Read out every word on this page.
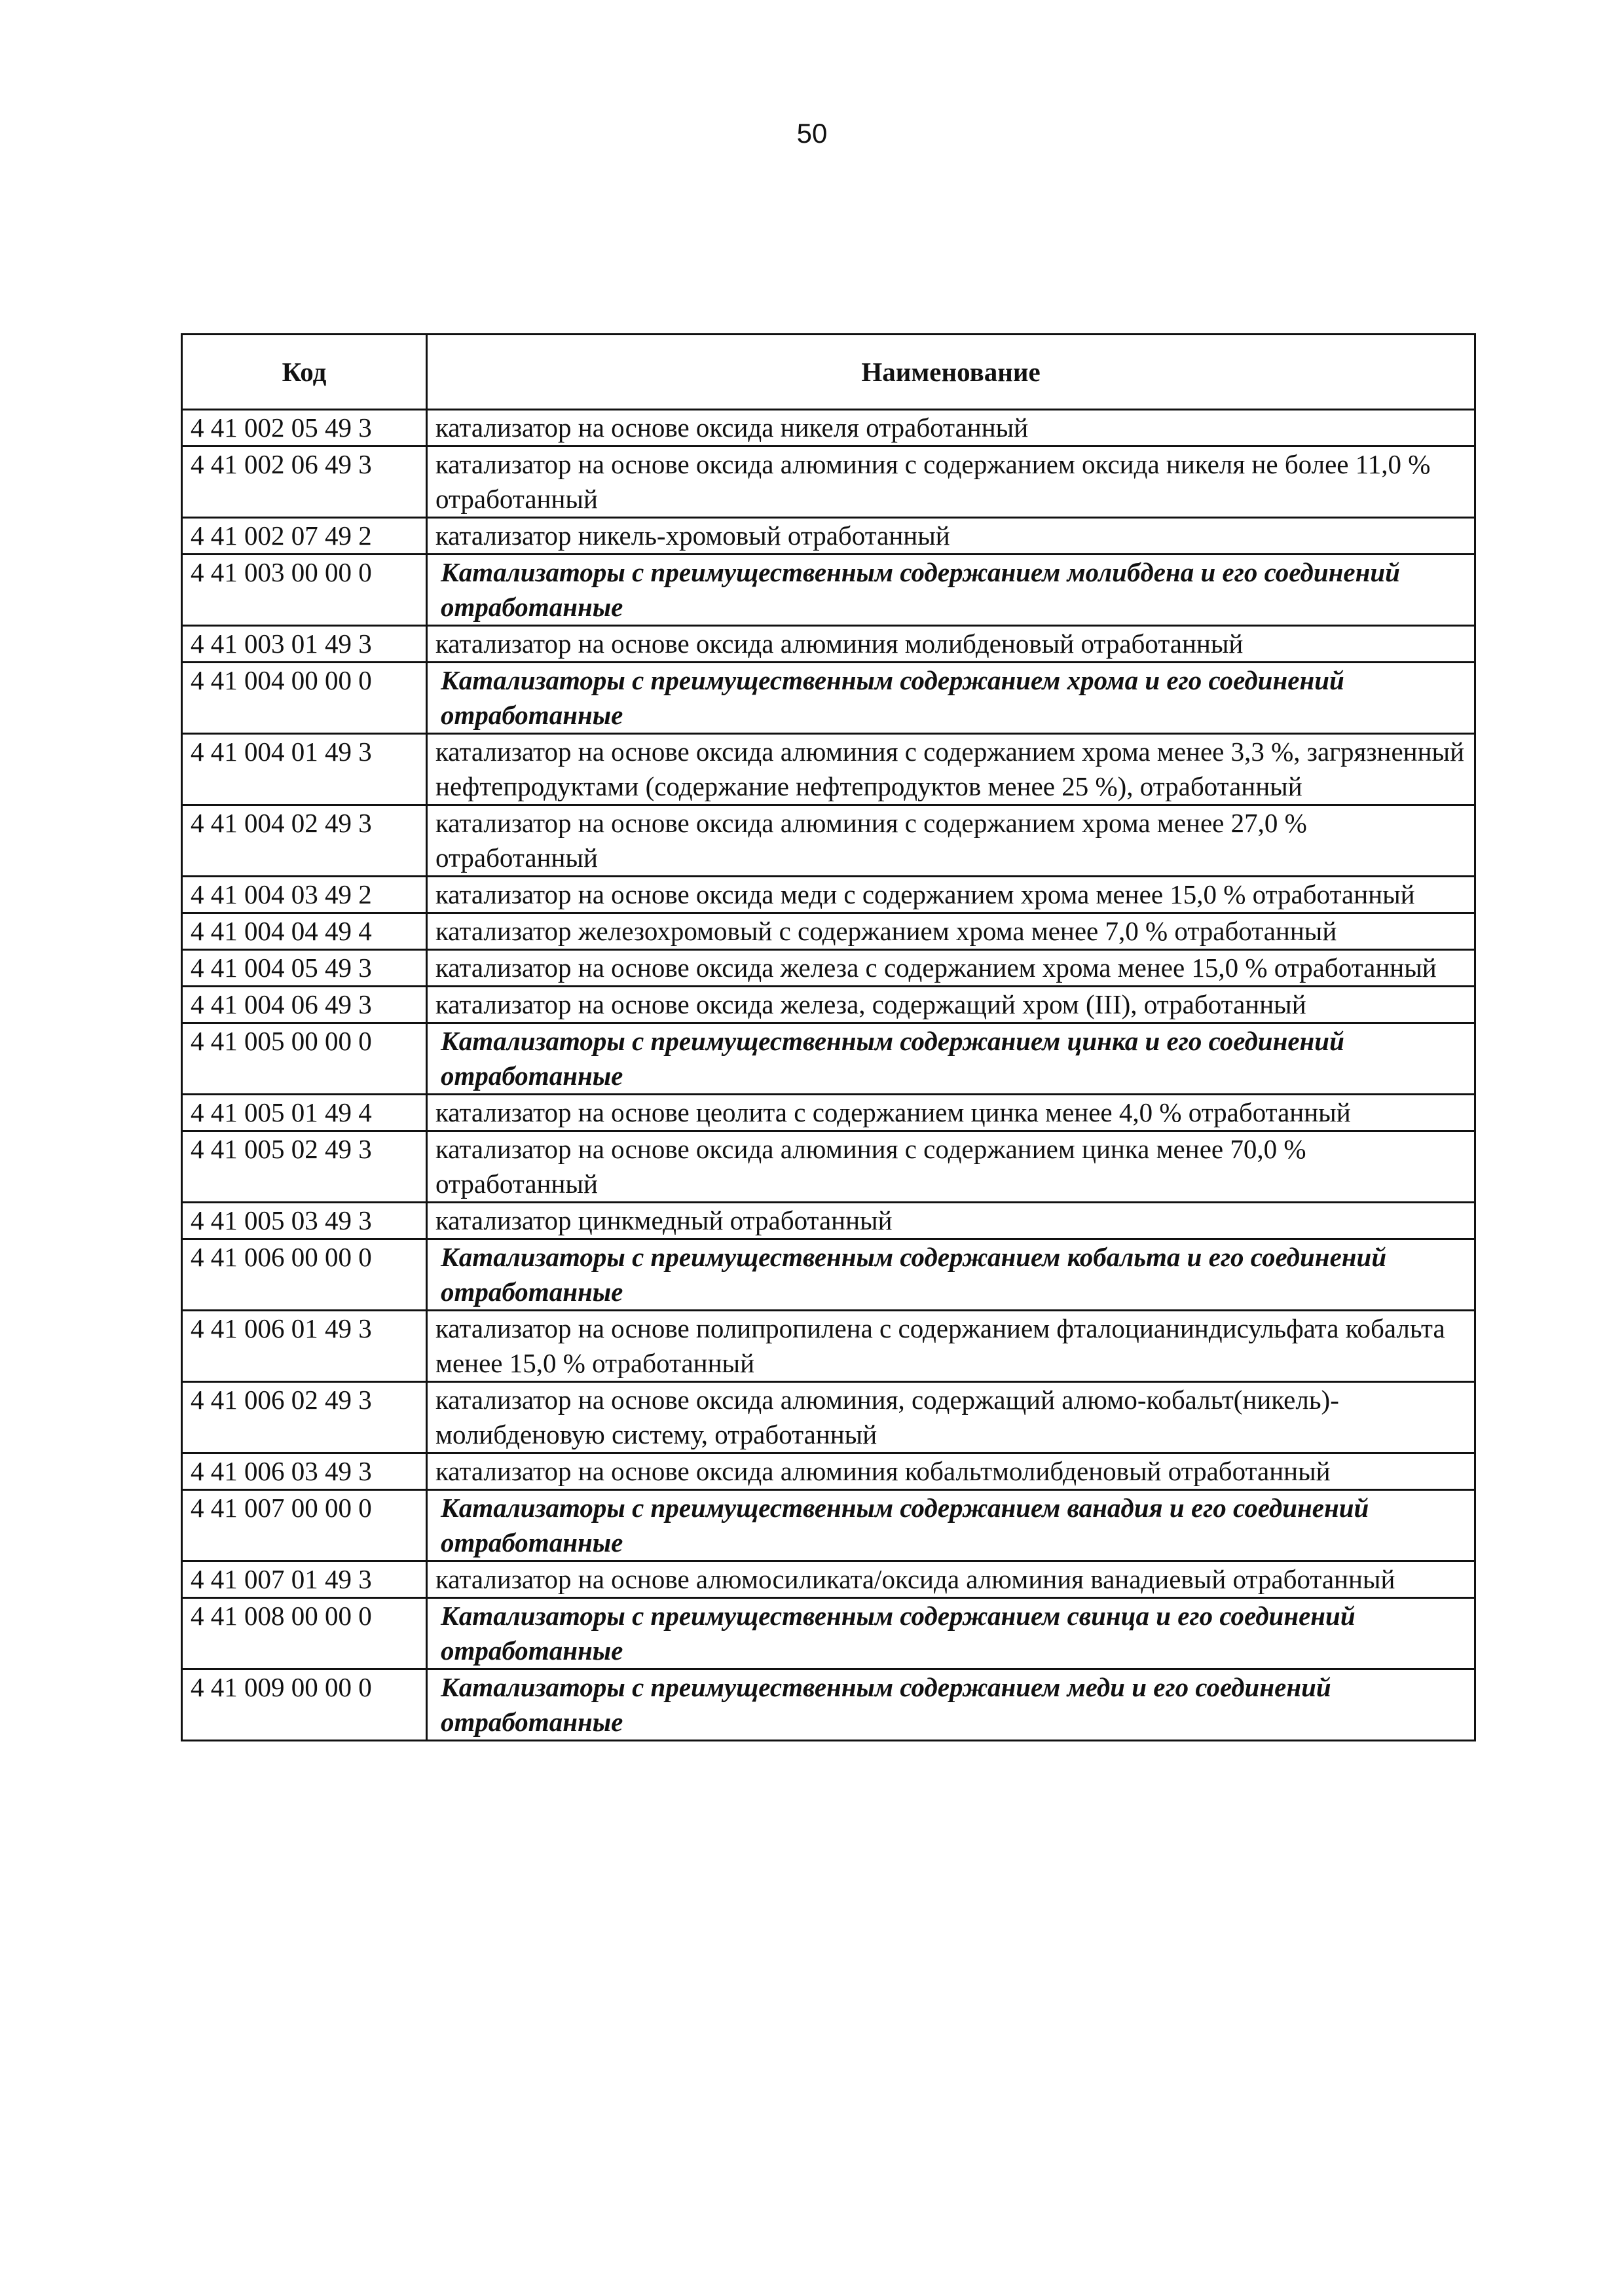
50
Код	Наименование
4 41 002 05 49 3	катализатор на основе оксида никеля отработанный
4 41 002 06 49 3	катализатор на основе оксида алюминия с содержанием оксида никеля не более 11,0 % отработанный
4 41 002 07 49 2	катализатор никель-хромовый отработанный
4 41 003 00 00 0	Катализаторы с преимущественным содержанием молибдена и его соединений отработанные
4 41 003 01 49 3	катализатор на основе оксида алюминия молибденовый отработанный
4 41 004 00 00 0	Катализаторы с преимущественным содержанием хрома и его соединений отработанные
4 41 004 01 49 3	катализатор на основе оксида алюминия с содержанием хрома менее 3,3 %, загрязненный нефтепродуктами (содержание нефтепродуктов менее 25 %), отработанный
4 41 004 02 49 3	катализатор на основе оксида алюминия с содержанием хрома менее 27,0 % отработанный
4 41 004 03 49 2	катализатор на основе оксида меди с содержанием хрома менее 15,0 % отработанный
4 41 004 04 49 4	катализатор железохромовый с содержанием хрома менее 7,0 % отработанный
4 41 004 05 49 3	катализатор на основе оксида железа с содержанием хрома менее 15,0 % отработанный
4 41 004 06 49 3	катализатор на основе оксида железа, содержащий хром (III), отработанный
4 41 005 00 00 0	Катализаторы с преимущественным содержанием цинка и его соединений отработанные
4 41 005 01 49 4	катализатор на основе цеолита с содержанием цинка менее 4,0 % отработанный
4 41 005 02 49 3	катализатор на основе оксида алюминия с содержанием цинка менее 70,0 % отработанный
4 41 005 03 49 3	катализатор цинкмедный отработанный
4 41 006 00 00 0	Катализаторы с преимущественным содержанием кобальта и его соединений отработанные
4 41 006 01 49 3	катализатор на основе полипропилена с содержанием фталоцианиндисульфата кобальта менее 15,0 % отработанный
4 41 006 02 49 3	катализатор на основе оксида алюминия, содержащий алюмо-кобальт(никель)-молибденовую систему, отработанный
4 41 006 03 49 3	катализатор на основе оксида алюминия кобальтмолибденовый отработанный
4 41 007 00 00 0	Катализаторы с преимущественным содержанием ванадия и его соединений отработанные
4 41 007 01 49 3	катализатор на основе алюмосиликата/оксида алюминия ванадиевый отработанный
4 41 008 00 00 0	Катализаторы с преимущественным содержанием свинца и его соединений отработанные
4 41 009 00 00 0	Катализаторы с преимущественным содержанием меди и его соединений отработанные
